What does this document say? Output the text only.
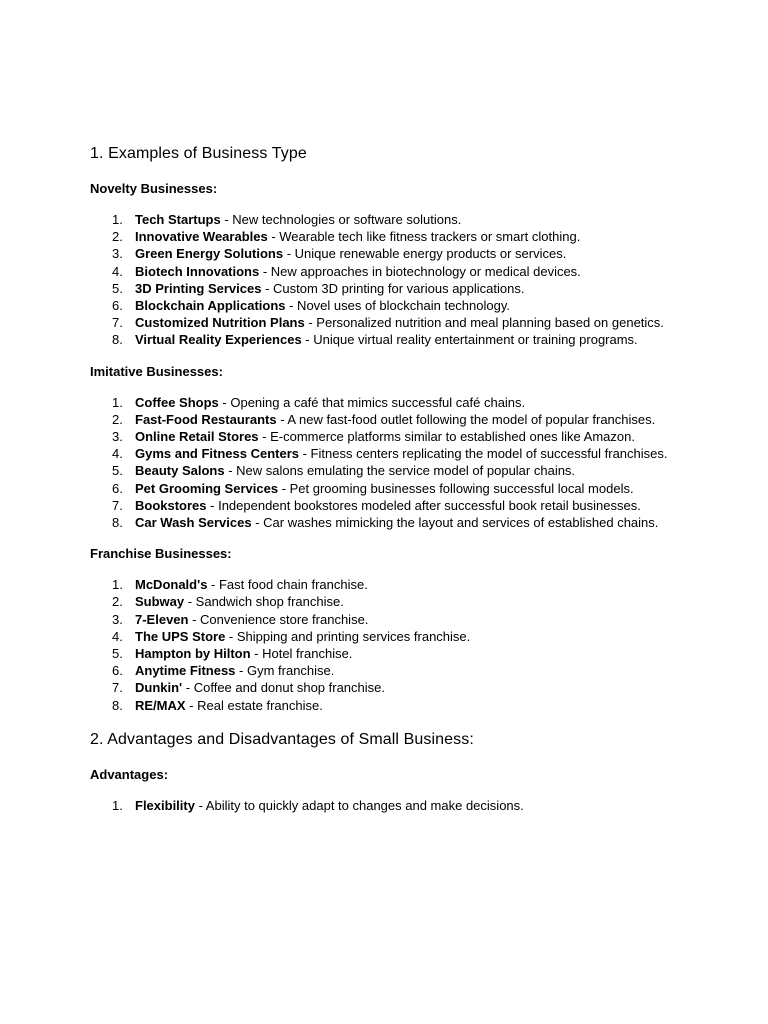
1. Examples of Business Type
Novelty Businesses:
1. Tech Startups - New technologies or software solutions.
2. Innovative Wearables - Wearable tech like fitness trackers or smart clothing.
3. Green Energy Solutions - Unique renewable energy products or services.
4. Biotech Innovations - New approaches in biotechnology or medical devices.
5. 3D Printing Services - Custom 3D printing for various applications.
6. Blockchain Applications - Novel uses of blockchain technology.
7. Customized Nutrition Plans - Personalized nutrition and meal planning based on genetics.
8. Virtual Reality Experiences - Unique virtual reality entertainment or training programs.
Imitative Businesses:
1. Coffee Shops - Opening a café that mimics successful café chains.
2. Fast-Food Restaurants - A new fast-food outlet following the model of popular franchises.
3. Online Retail Stores - E-commerce platforms similar to established ones like Amazon.
4. Gyms and Fitness Centers - Fitness centers replicating the model of successful franchises.
5. Beauty Salons - New salons emulating the service model of popular chains.
6. Pet Grooming Services - Pet grooming businesses following successful local models.
7. Bookstores - Independent bookstores modeled after successful book retail businesses.
8. Car Wash Services - Car washes mimicking the layout and services of established chains.
Franchise Businesses:
1. McDonald's - Fast food chain franchise.
2. Subway - Sandwich shop franchise.
3. 7-Eleven - Convenience store franchise.
4. The UPS Store - Shipping and printing services franchise.
5. Hampton by Hilton - Hotel franchise.
6. Anytime Fitness - Gym franchise.
7. Dunkin' - Coffee and donut shop franchise.
8. RE/MAX - Real estate franchise.
2. Advantages and Disadvantages of Small Business:
Advantages:
1. Flexibility - Ability to quickly adapt to changes and make decisions.
